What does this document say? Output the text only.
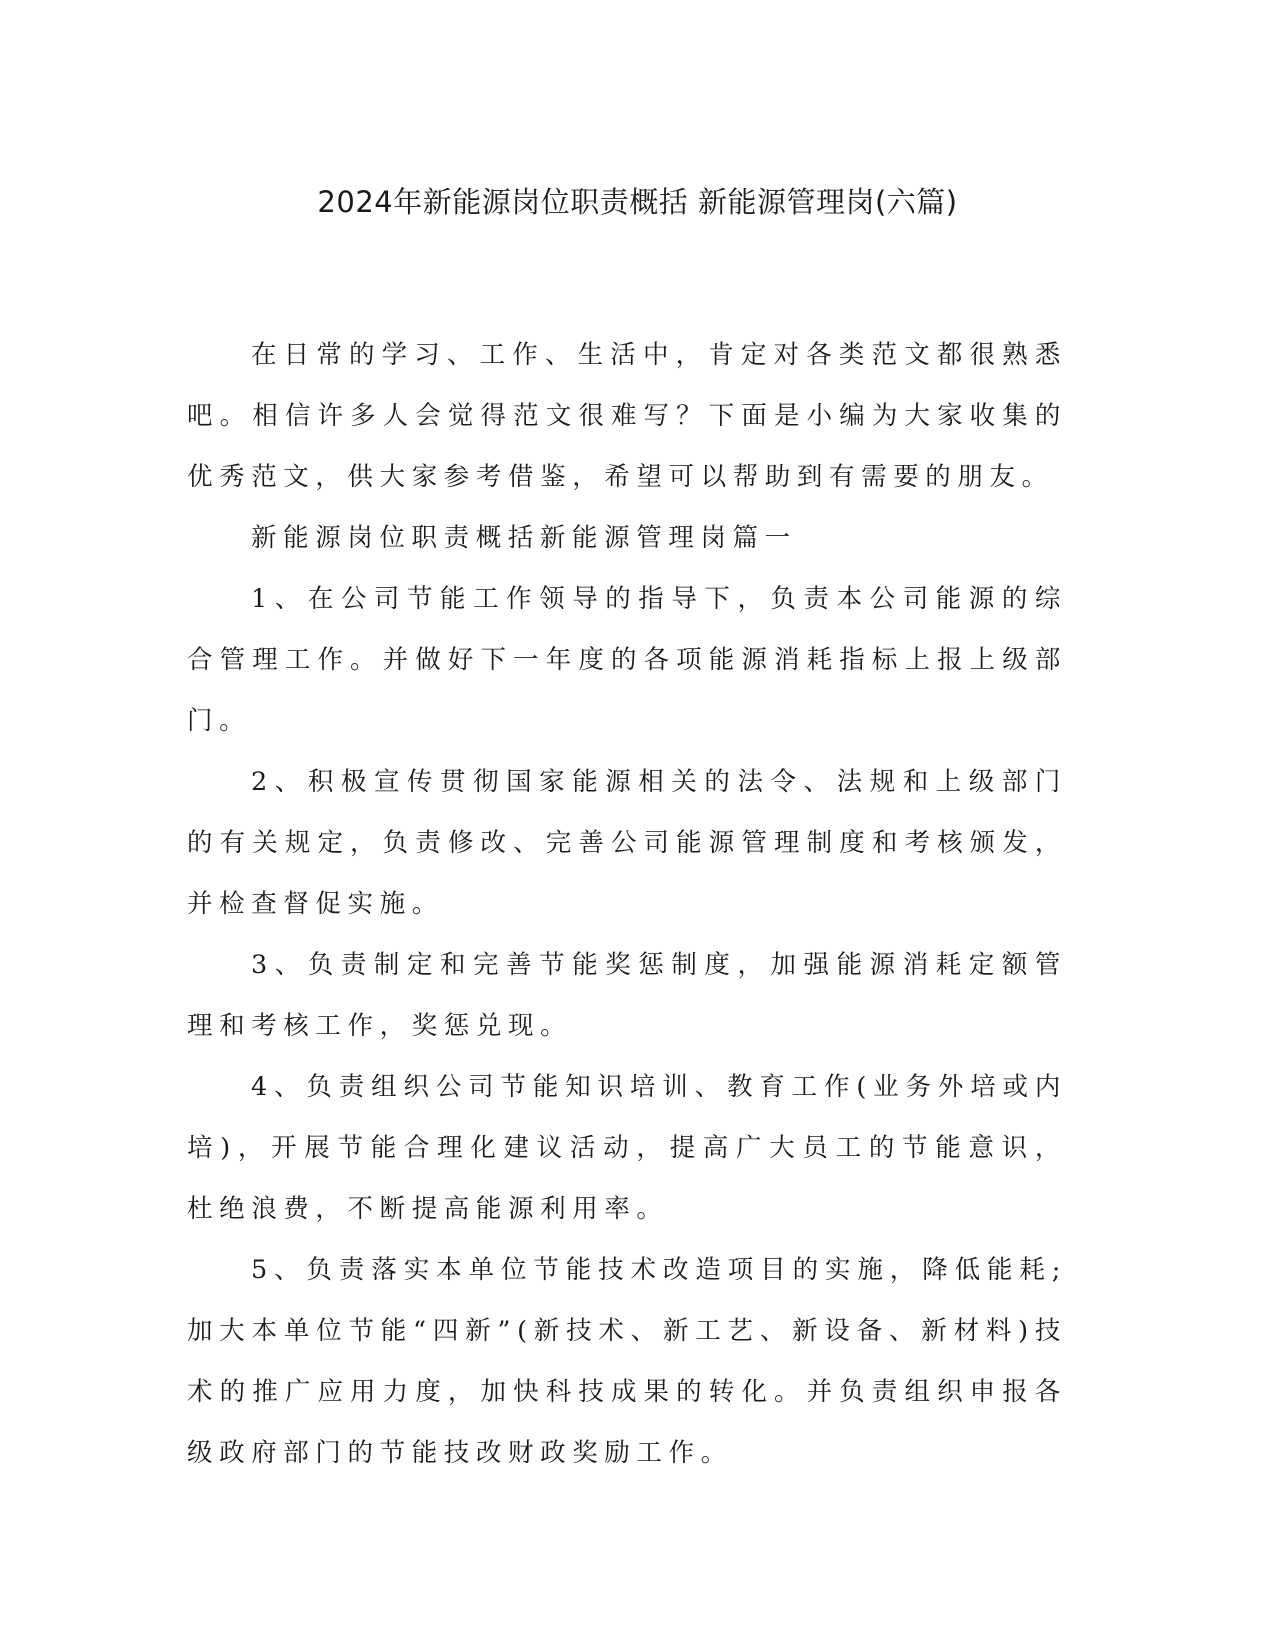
2024年新能源岗位职责概括 新能源管理岗(六篇)

在日常的学习、工作、生活中，肯定对各类范文都很熟悉吧。相信许多人会觉得范文很难写？下面是小编为大家收集的优秀范文，供大家参考借鉴，希望可以帮助到有需要的朋友。

新能源岗位职责概括新能源管理岗篇一

1、在公司节能工作领导的指导下，负责本公司能源的综合管理工作。并做好下一年度的各项能源消耗指标上报上级部门。

2、积极宣传贯彻国家能源相关的法令、法规和上级部门的有关规定，负责修改、完善公司能源管理制度和考核颁发，并检查督促实施。

3、负责制定和完善节能奖惩制度，加强能源消耗定额管理和考核工作，奖惩兑现。

4、负责组织公司节能知识培训、教育工作(业务外培或内培)，开展节能合理化建议活动，提高广大员工的节能意识，杜绝浪费，不断提高能源利用率。

5、负责落实本单位节能技术改造项目的实施，降低能耗;加大本单位节能“四新”(新技术、新工艺、新设备、新材料)技术的推广应用力度，加快科技成果的转化。并负责组织申报各级政府部门的节能技改财政奖励工作。
